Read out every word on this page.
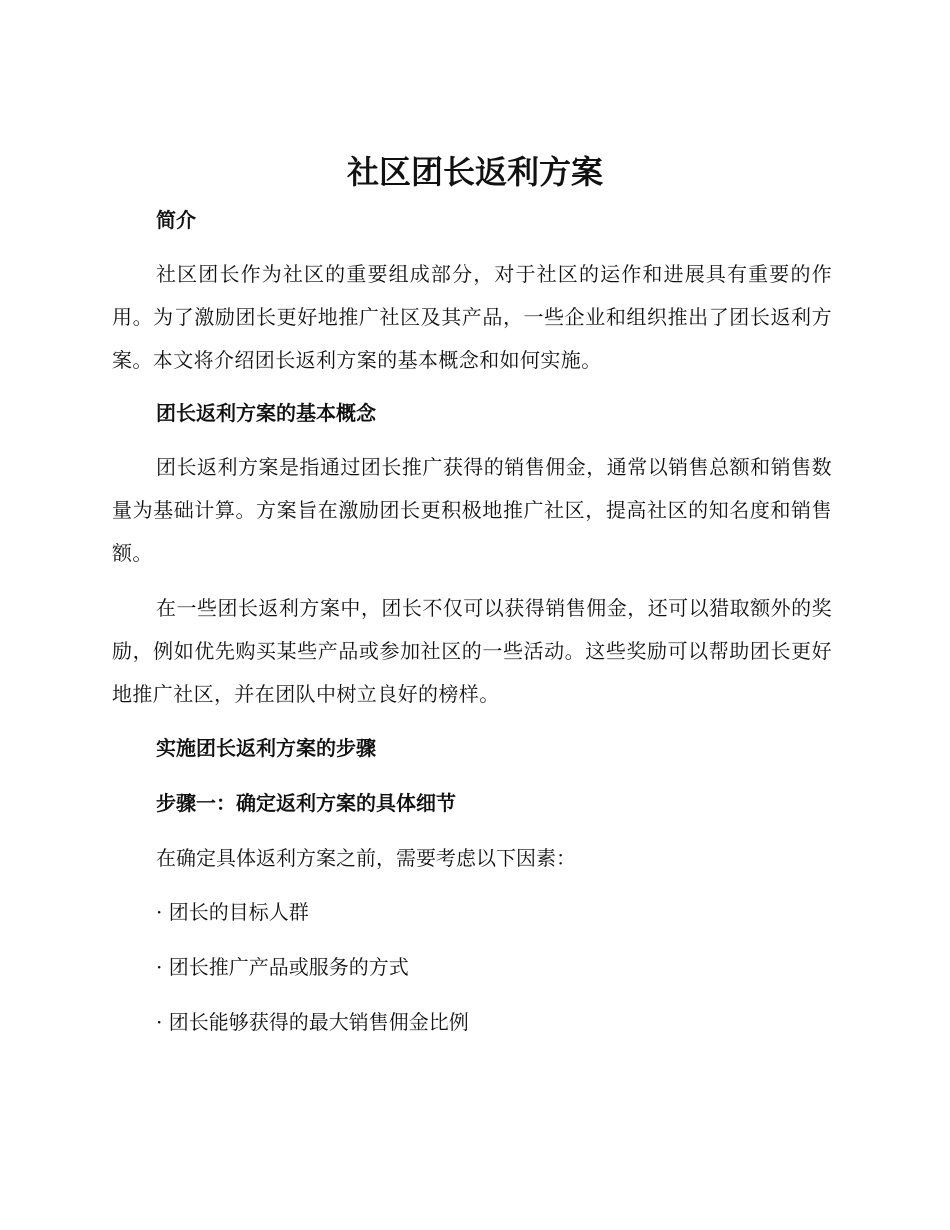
社区团长返利方案
简介

社区团长作为社区的重要组成部分，对于社区的运作和进展具有重要的作用。为了激励团长更好地推广社区及其产品，一些企业和组织推出了团长返利方案。本文将介绍团长返利方案的基本概念和如何实施。

团长返利方案的基本概念

团长返利方案是指通过团长推广获得的销售佣金，通常以销售总额和销售数量为基础计算。方案旨在激励团长更积极地推广社区，提高社区的知名度和销售额。

在一些团长返利方案中，团长不仅可以获得销售佣金，还可以猎取额外的奖励，例如优先购买某些产品或参加社区的一些活动。这些奖励可以帮助团长更好地推广社区，并在团队中树立良好的榜样。

实施团长返利方案的步骤
步骤一：确定返利方案的具体细节

在确定具体返利方案之前，需要考虑以下因素：

· 团长的目标人群

· 团长推广产品或服务的方式

· 团长能够获得的最大销售佣金比例
